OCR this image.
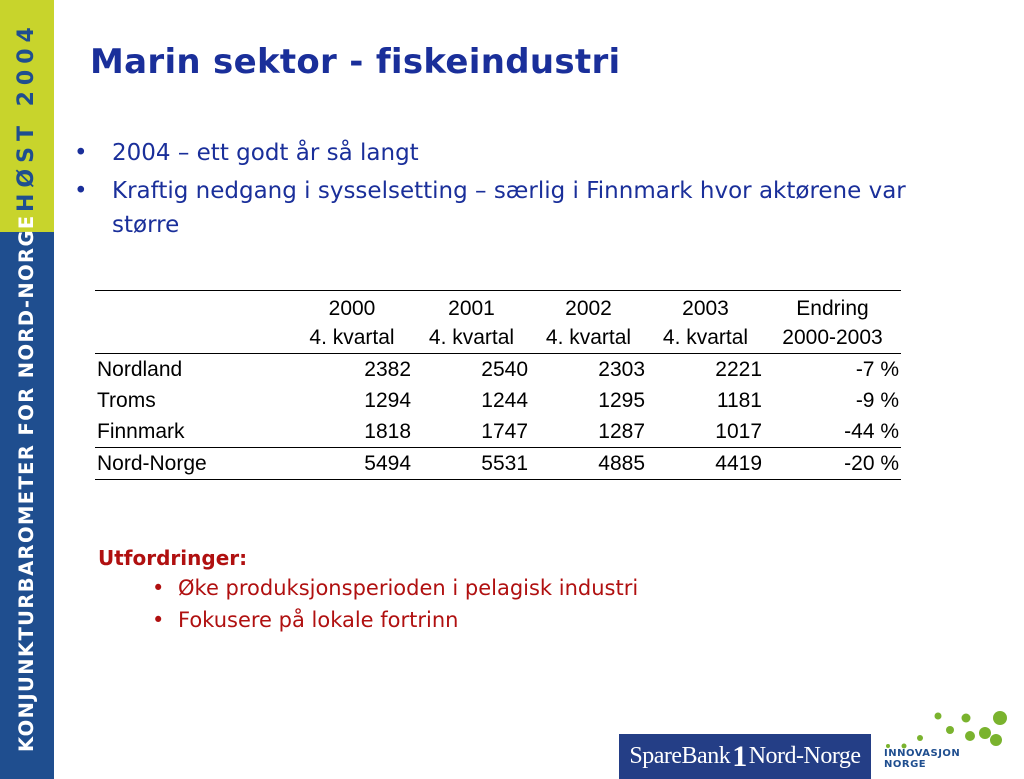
HØST 2004
KONJUNKTURBAROMETER FOR NORD-NORGE
Marin sektor - fiskeindustri
• 2004 – ett godt år så langt
• Kraftig nedgang i sysselsetting – særlig i Finnmark hvor aktørene var større
	2000	2001	2002	2003	Endring
	4. kvartal	4. kvartal	4. kvartal	4. kvartal	2000-2003
Nordland	2382	2540	2303	2221	-7 %
Troms	1294	1244	1295	1181	-9 %
Finnmark	1818	1747	1287	1017	-44 %
Nord-Norge	5494	5531	4885	4419	-20 %
Utfordringer:
• Øke produksjonsperioden i pelagisk industri
• Fokusere på lokale fortrinn
SpareBank 1 Nord-Norge INNOVASJON
NORGE
